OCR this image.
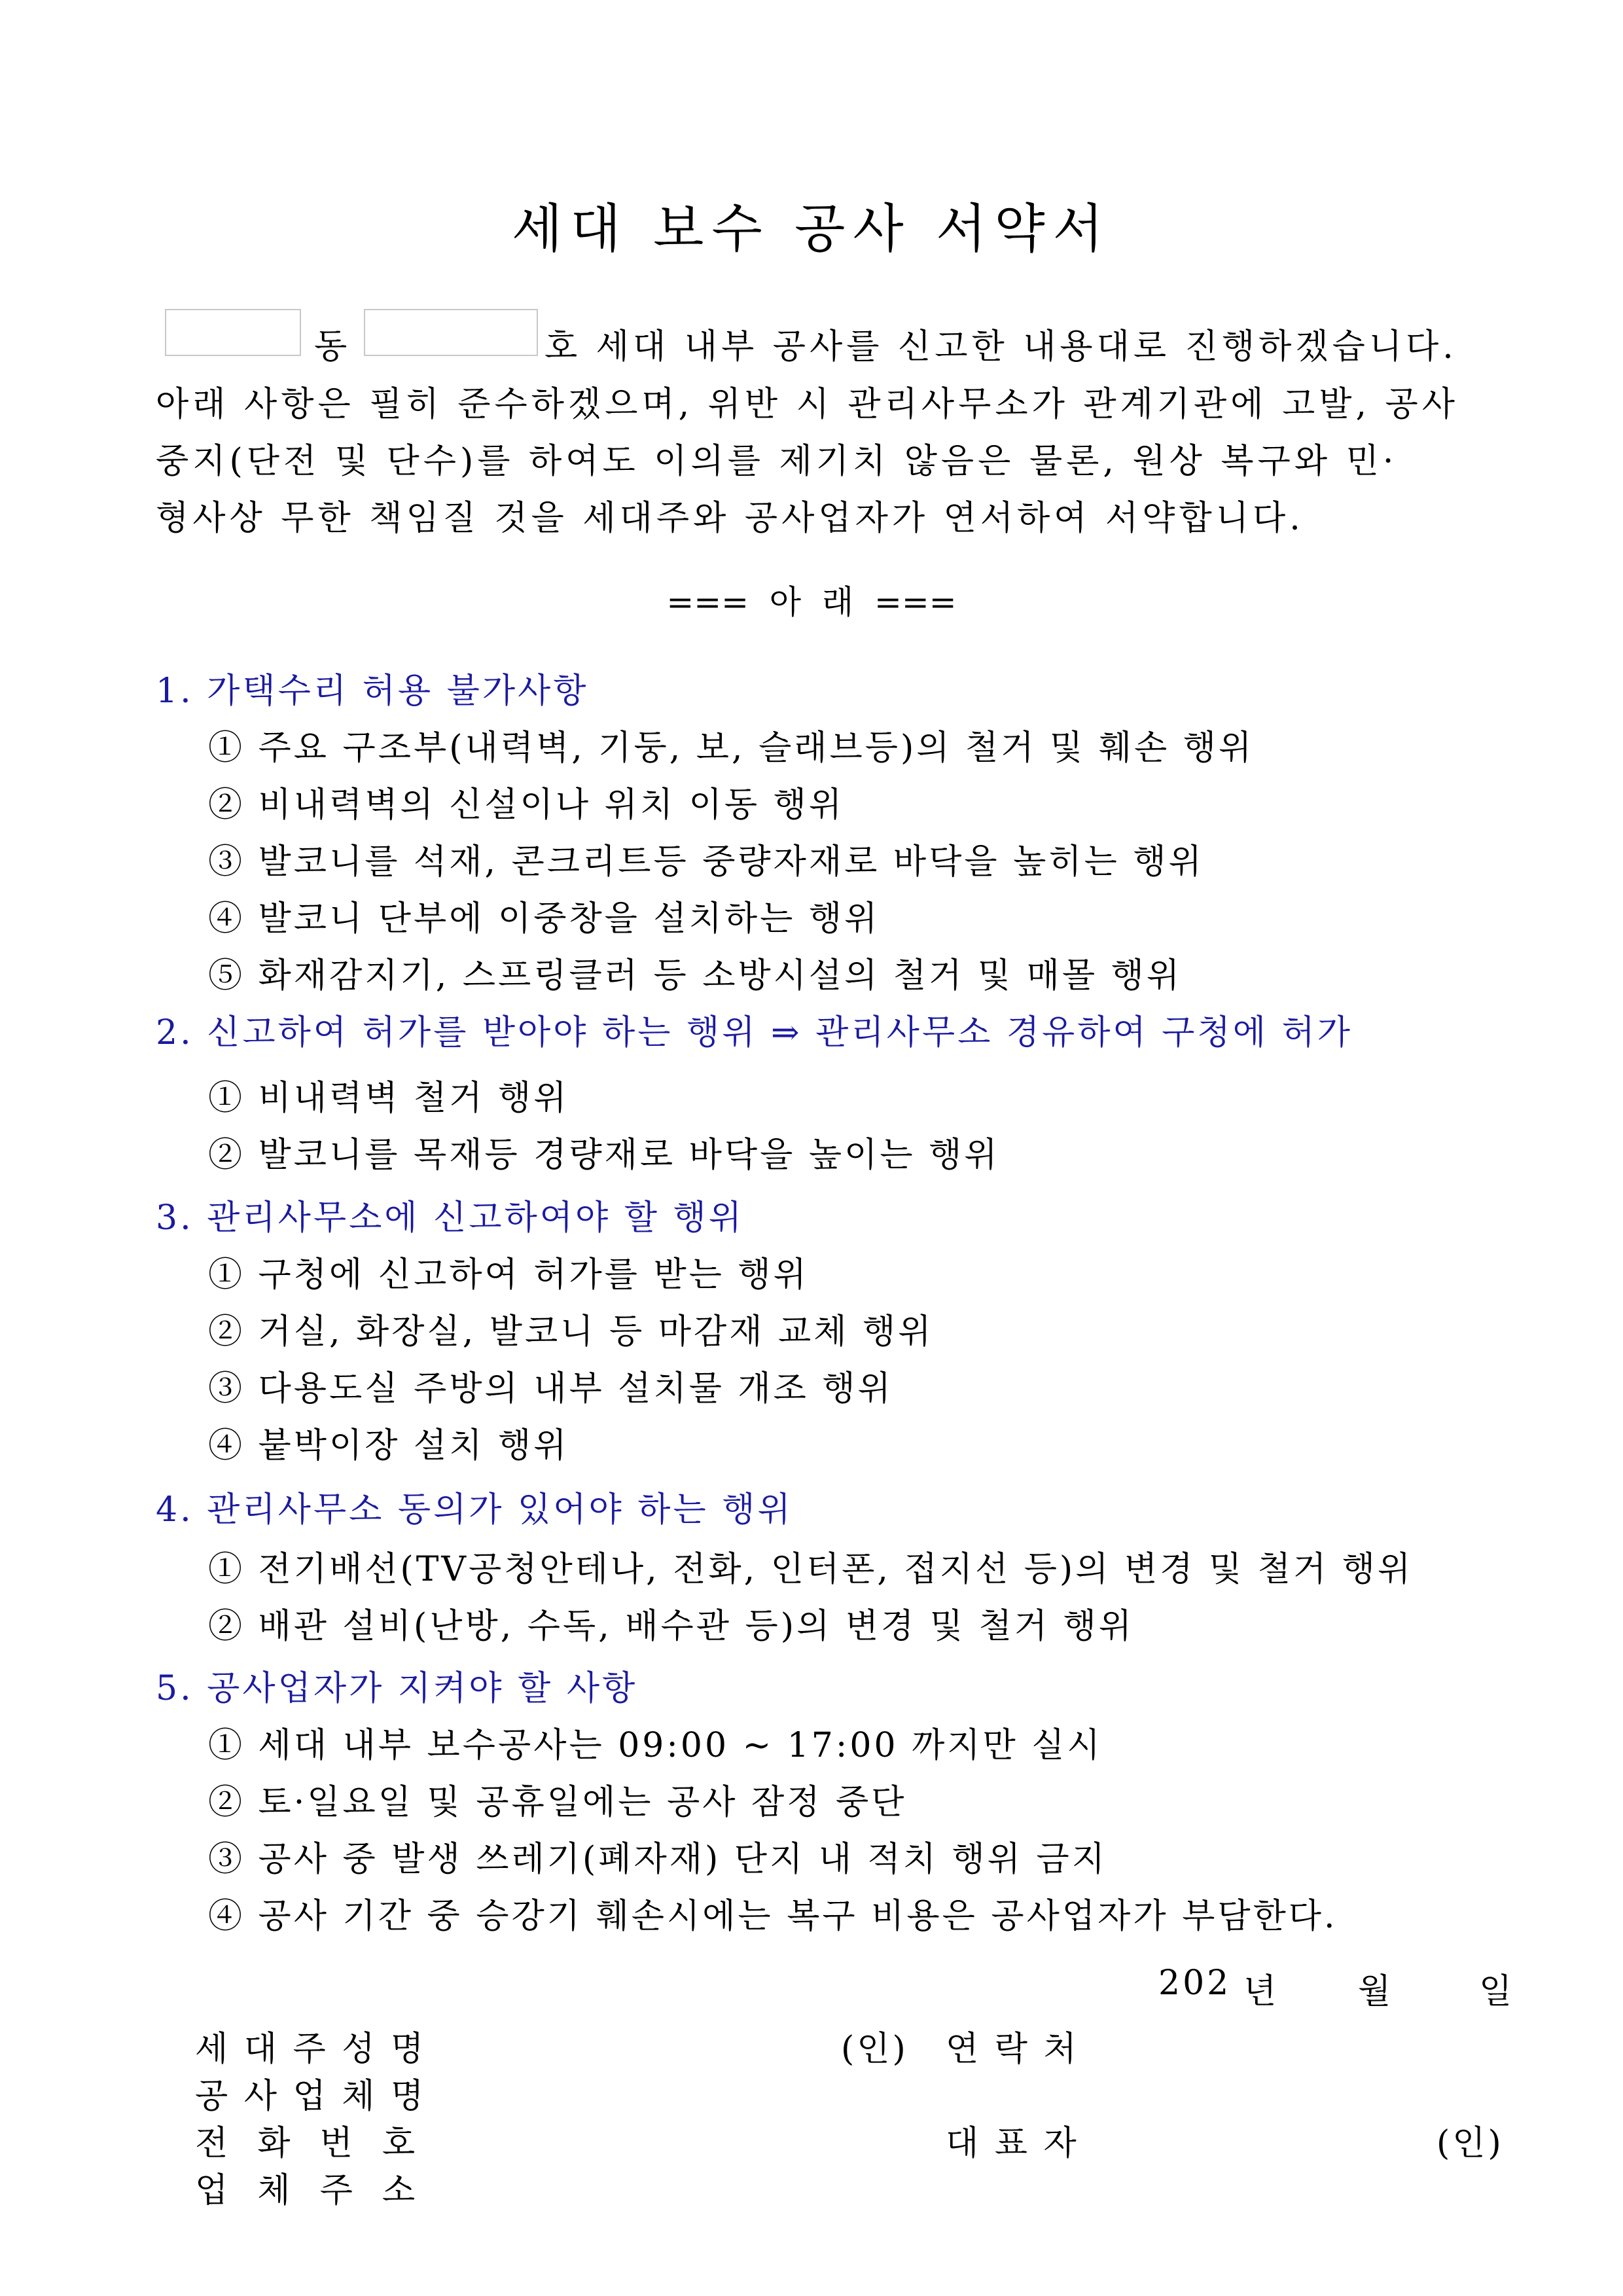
세대 보수 공사 서약서
동	호 세대 내부 공사를 신고한 내용대로 진행하겠습니다.
아래 사항은 필히 준수하겠으며, 위반 시 관리사무소가 관계기관에 고발, 공사
중지(단전 및 단수)를 하여도 이의를 제기치 않음은 물론, 원상 복구와 민·
형사상 무한 책임질 것을 세대주와 공사업자가 연서하여 서약합니다.
===  아  래  ===
1. 가택수리 허용 불가사항
① 주요 구조부(내력벽, 기둥, 보, 슬래브등)의 철거 및 훼손 행위
② 비내력벽의 신설이나 위치 이동 행위
③ 발코니를 석재, 콘크리트등 중량자재로 바닥을 높히는 행위
④ 발코니 단부에 이중창을 설치하는 행위
⑤ 화재감지기, 스프링클러 등 소방시설의 철거 및 매몰 행위
2. 신고하여 허가를 받아야 하는 행위 ⇒ 관리사무소 경유하여 구청에 허가
① 비내력벽 철거 행위
② 발코니를 목재등 경량재로 바닥을 높이는 행위
3. 관리사무소에 신고하여야 할 행위
① 구청에 신고하여 허가를 받는 행위
② 거실, 화장실, 발코니 등 마감재 교체 행위
③ 다용도실 주방의 내부 설치물 개조 행위
④ 붙박이장 설치 행위
4. 관리사무소 동의가 있어야 하는 행위
① 전기배선(TV공청안테나, 전화, 인터폰, 접지선 등)의 변경 및 철거 행위
② 배관 설비(난방, 수독, 배수관 등)의 변경 및 철거 행위
5. 공사업자가 지켜야 할 사항
① 세대 내부 보수공사는 09:00 ~ 17:00 까지만 실시
② 토·일요일 및 공휴일에는 공사 잠정 중단
③ 공사 중 발생 쓰레기(폐자재) 단지 내 적치 행위 금지
④ 공사 기간 중 승강기 훼손시에는 복구 비용은 공사업자가 부담한다.
202 년 월	일
세 대 주 성 명	(인) 연 락 처
공 사 업 체 명
전  화  번  호	대 표 자	(인)
업  체  주  소
